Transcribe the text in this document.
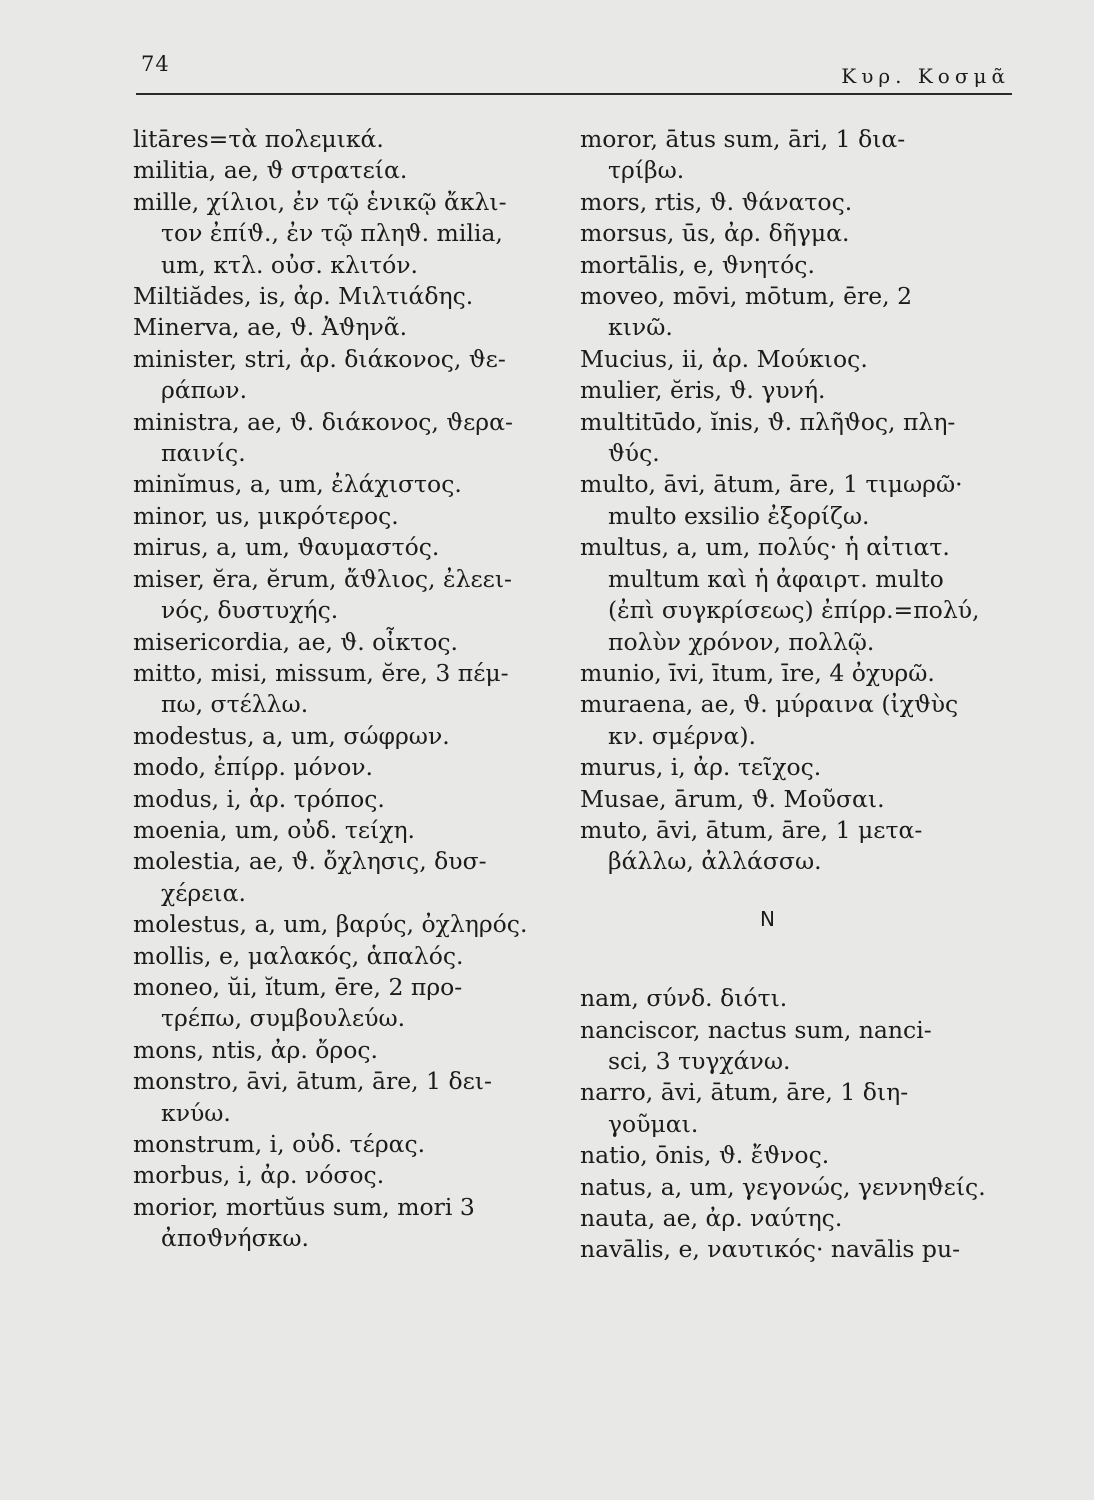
74	Κυρ. Κοσμᾶ
litāres=τὰ πολεμικά.
militia, ae, ϑ στρατεία.
mille, χίλιοι, ἐν τῷ ἑνικῷ ἄκλι-
τον ἐπίϑ., ἐν τῷ πληϑ. milia,
um, κτλ. οὐσ. κλιτόν.
Miltiădes, is, ἀρ. Μιλτιάδης.
Minerva, ae, ϑ. Ἀϑηνᾶ.
minister, stri, ἀρ. διάκονος, ϑε-
ράπων.
ministra, ae, ϑ. διάκονος, ϑερα-
παινίς.
minĭmus, a, um, ἐλάχιστος.
minor, us, μικρότερος.
mirus, a, um, ϑαυμαστός.
miser, ĕra, ĕrum, ἄϑλιος, ἐλεει-
νός, δυστυχής.
misericordia, ae, ϑ. οἶκτος.
mitto, misi, missum, ĕre, 3 πέμ-
πω, στέλλω.
modestus, a, um, σώφρων.
modo, ἐπίρρ. μόνον.
modus, i, ἀρ. τρόπος.
moenia, um, οὐδ. τείχη.
molestia, ae, ϑ. ὄχλησις, δυσ-
χέρεια.
molestus, a, um, βαρύς, ὀχληρός.
mollis, e, μαλακός, ἁπαλός.
moneo, ŭi, ĭtum, ēre, 2 προ-
τρέπω, συμβουλεύω.
mons, ntis, ἀρ. ὄρος.
monstro, āvi, ātum, āre, 1 δει-
κνύω.
monstrum, i, οὐδ. τέρας.
morbus, i, ἀρ. νόσος.
morior, mortŭus sum, mori 3
ἀποϑνήσκω.
moror, ātus sum, āri, 1 δια-
τρίβω.
mors, rtis, ϑ. ϑάνατος.
morsus, ūs, ἀρ. δῆγμα.
mortālis, e, ϑνητός.
moveo, mōvi, mōtum, ēre, 2
κινῶ.
Mucius, ii, ἀρ. Μούκιος.
mulier, ĕris, ϑ. γυνή.
multitūdo, ĭnis, ϑ. πλῆϑος, πλη-
ϑύς.
multo, āvi, ātum, āre, 1 τιμωρῶ·
multo exsilio ἐξορίζω.
multus, a, um, πολύς· ἡ αἰτιατ.
multum καὶ ἡ ἀφαιρτ. multo
(ἐπὶ συγκρίσεως) ἐπίρρ.=πολύ,
πολὺν χρόνον, πολλῷ.
munio, īvi, ītum, īre, 4 ὀχυρῶ.
muraena, ae, ϑ. μύραινα (ἰχϑὺς
κν. σμέρνα).
murus, i, ἀρ. τεῖχος.
Musae, ārum, ϑ. Μοῦσαι.
muto, āvi, ātum, āre, 1 μετα-
βάλλω, ἀλλάσσω.
N
nam, σύνδ. διότι.
nanciscor, nactus sum, nanci-
sci, 3 τυγχάνω.
narro, āvi, ātum, āre, 1 διη-
γοῦμαι.
natio, ōnis, ϑ. ἔϑνος.
natus, a, um, γεγονώς, γεννηϑείς.
nauta, ae, ἀρ. ναύτης.
navālis, e, ναυτικός· navālis pu-
